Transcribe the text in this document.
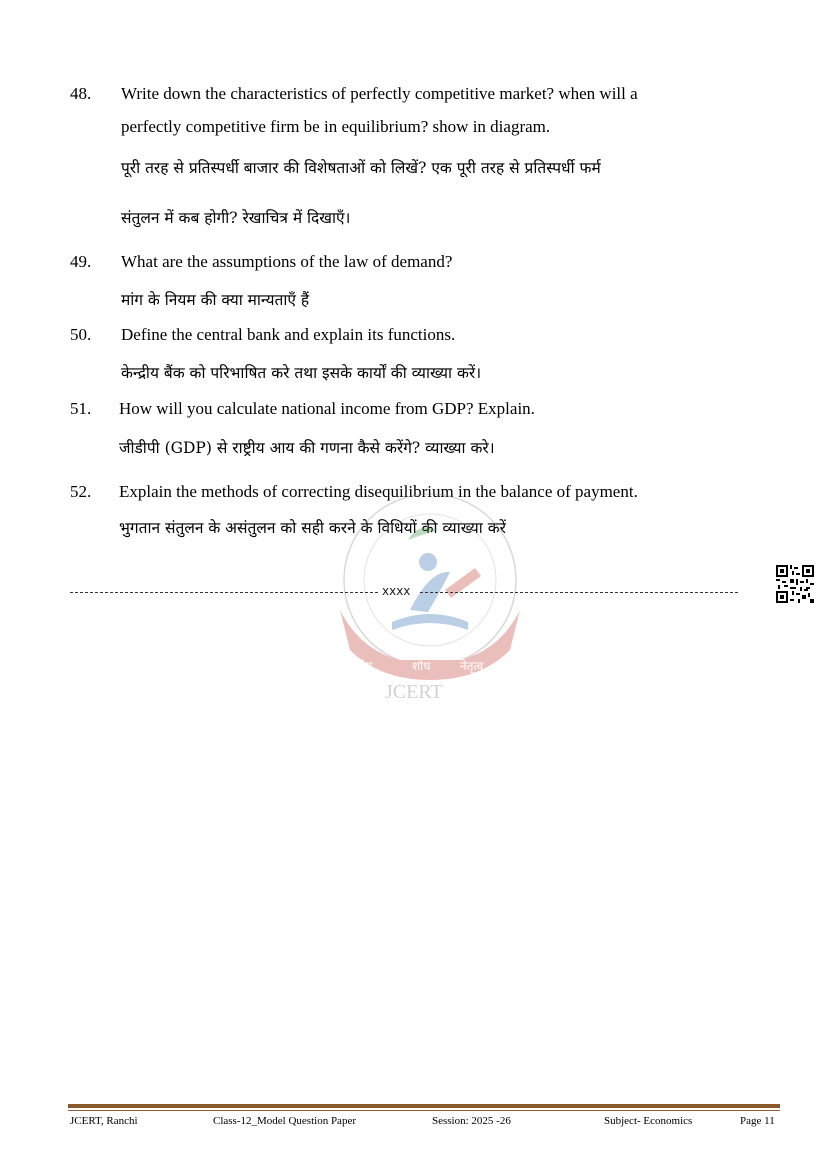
48. Write down the characteristics of perfectly competitive market? when will a
perfectly competitive firm be in equilibrium? show in diagram.
पूरी तरह से प्रतिस्पर्धी बाजार की विशेषताओं को लिखें? एक पूरी तरह से प्रतिस्पर्धी फर्म
संतुलन में कब होगी? रेखाचित्र में दिखाएँ।
49. What are the assumptions of the law of demand?
मांग के नियम की क्या मान्यताएँ हैं
50. Define the central bank and explain its functions.
केन्द्रीय बैंक को परिभाषित करे तथा इसके कार्यों की व्याख्या करें।
51. How will you calculate national income from GDP? Explain.
जीडीपी (GDP) से राष्ट्रीय आय की गणना कैसे करेंगे? व्याख्या करे।
52. Explain the methods of correcting disequilibrium in the balance of payment.
भुगतान संतुलन के असंतुलन को सही करने के विधियों की व्याख्या करें
नवोन्मेष	शोध नेतृत्व
JCERT
xxxx
JCERT, Ranchi	Class-12_Model Question Paper	Session: 2025 -26	Subject- Economics	Page 11
